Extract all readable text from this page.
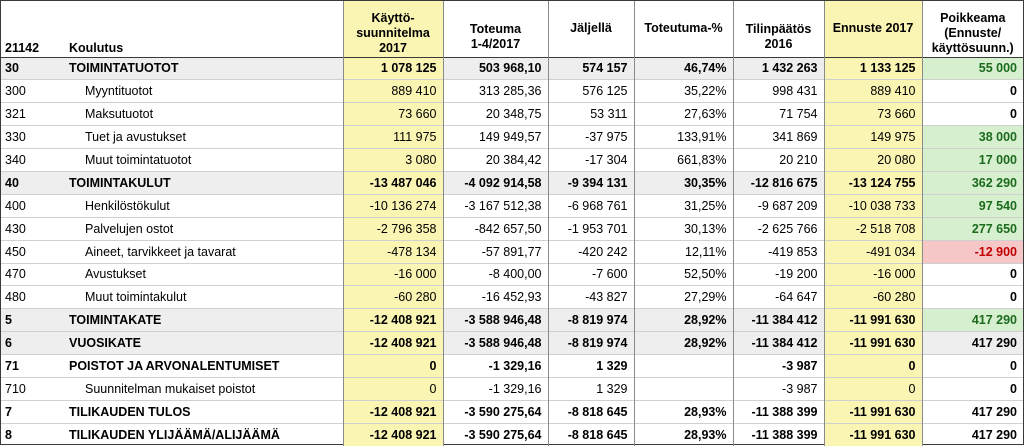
21142	Koulutus	Käyttö-
suunnitelma
2017	Toteuma
1-4/2017	Jäljellä	Toteutuma-%	Tilinpäätös
2016	Ennuste 2017	Poikkeama
(Ennuste/
käyttösuunn.)
30	TOIMINTATUOTOT	1 078 125	503 968,10	574 157	46,74%	1 432 263	1 133 125	55 000
300	Myyntituotot	889 410	313 285,36	576 125	35,22%	998 431	889 410	0
321	Maksutuotot	73 660	20 348,75	53 311	27,63%	71 754	73 660	0
330	Tuet ja avustukset	111 975	149 949,57	-37 975	133,91%	341 869	149 975	38 000
340	Muut toimintatuotot	3 080	20 384,42	-17 304	661,83%	20 210	20 080	17 000
40	TOIMINTAKULUT	-13 487 046	-4 092 914,58	-9 394 131	30,35%	-12 816 675	-13 124 755	362 290
400	Henkilöstökulut	-10 136 274	-3 167 512,38	-6 968 761	31,25%	-9 687 209	-10 038 733	97 540
430	Palvelujen ostot	-2 796 358	-842 657,50	-1 953 701	30,13%	-2 625 766	-2 518 708	277 650
450	Aineet, tarvikkeet ja tavarat	-478 134	-57 891,77	-420 242	12,11%	-419 853	-491 034	-12 900
470	Avustukset	-16 000	-8 400,00	-7 600	52,50%	-19 200	-16 000	0
480	Muut toimintakulut	-60 280	-16 452,93	-43 827	27,29%	-64 647	-60 280	0
5	TOIMINTAKATE	-12 408 921	-3 588 946,48	-8 819 974	28,92%	-11 384 412	-11 991 630	417 290
6	VUOSIKATE	-12 408 921	-3 588 946,48	-8 819 974	28,92%	-11 384 412	-11 991 630	417 290
71	POISTOT JA ARVONALENTUMISET	0	-1 329,16	1 329		-3 987	0	0
710	Suunnitelman mukaiset poistot	0	-1 329,16	1 329		-3 987	0	0
7	TILIKAUDEN TULOS	-12 408 921	-3 590 275,64	-8 818 645	28,93%	-11 388 399	-11 991 630	417 290
8	TILIKAUDEN YLIJÄÄMÄ/ALIJÄÄMÄ	-12 408 921	-3 590 275,64	-8 818 645	28,93%	-11 388 399	-11 991 630	417 290
